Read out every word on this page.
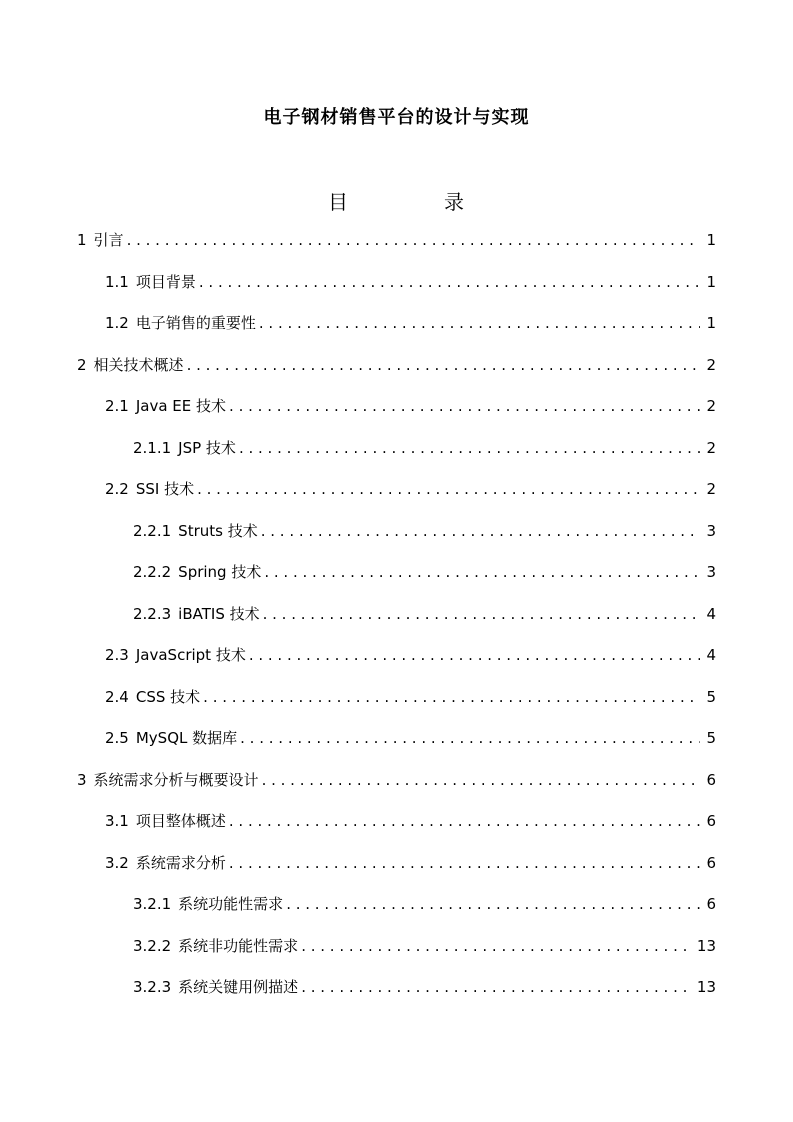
电子钢材销售平台的设计与实现
目	录
1 引言 . . .	1
1.1 项目背景 . . .	1
1.2 电子销售的重要性 . . .	1
2 相关技术概述 . . .	2
2.1 Java EE 技术 . . .	2
2.1.1 JSP 技术 . . .	2
2.2 SSI 技术 . . .	2
2.2.1 Struts 技术 . . .	3
2.2.2 Spring 技术 . . .	3
2.2.3 iBATIS 技术 . . .	4
2.3 JavaScript 技术 . . .	4
2.4 CSS 技术 . . .	5
2.5 MySQL 数据库 . . .	5
3 系统需求分析与概要设计 . . .	6
3.1 项目整体概述 . . .	6
3.2 系统需求分析 . . .	6
3.2.1 系统功能性需求 . . .	6
3.2.2 系统非功能性需求 . . .	13
3.2.3 系统关键用例描述 . . .	13
